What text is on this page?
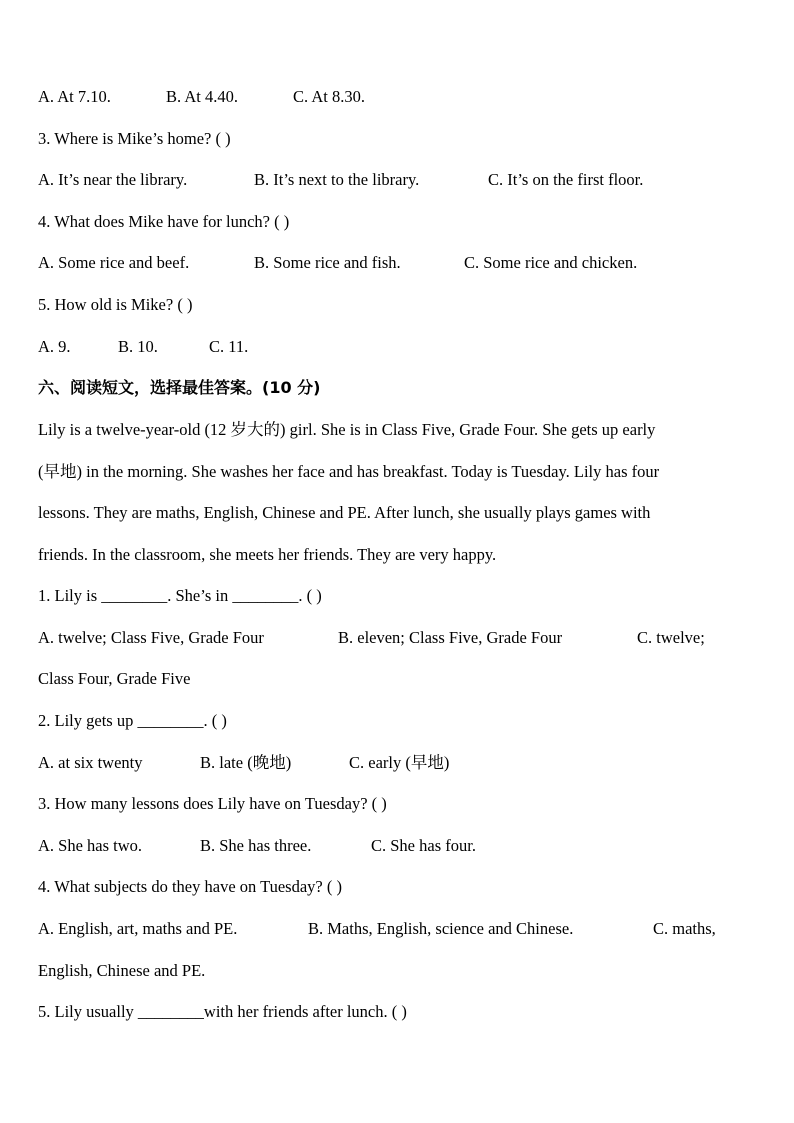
A. At 7.10.	B. At 4.40.	C. At 8.30.
3. Where is Mike’s home? ( )
A. It’s near the library.	B. It’s next to the library.	C. It’s on the first floor.
4. What does Mike have for lunch? ( )
A. Some rice and beef.	B. Some rice and fish.	C. Some rice and chicken.
5. How old is Mike? ( )
A. 9.	B. 10.	C. 11.
六、阅读短文，选择最佳答案。(10 分)
Lily is a twelve-year-old (12 岁大的) girl. She is in Class Five, Grade Four. She gets up early
(早地) in the morning. She washes her face and has breakfast. Today is Tuesday. Lily has four
lessons. They are maths, English, Chinese and PE. After lunch, she usually plays games with
friends. In the classroom, she meets her friends. They are very happy.
1. Lily is ________. She’s in ________. ( )
A. twelve; Class Five, Grade Four	B. eleven; Class Five, Grade Four	C. twelve;
Class Four, Grade Five
2. Lily gets up ________. ( )
A. at six twenty	B. late (晚地)	C. early (早地)
3. How many lessons does Lily have on Tuesday? ( )
A. She has two.	B. She has three.	C. She has four.
4. What subjects do they have on Tuesday? ( )
A. English, art, maths and PE.	B. Maths, English, science and Chinese.	C. maths,
English, Chinese and PE.
5. Lily usually ________with her friends after lunch. ( )
